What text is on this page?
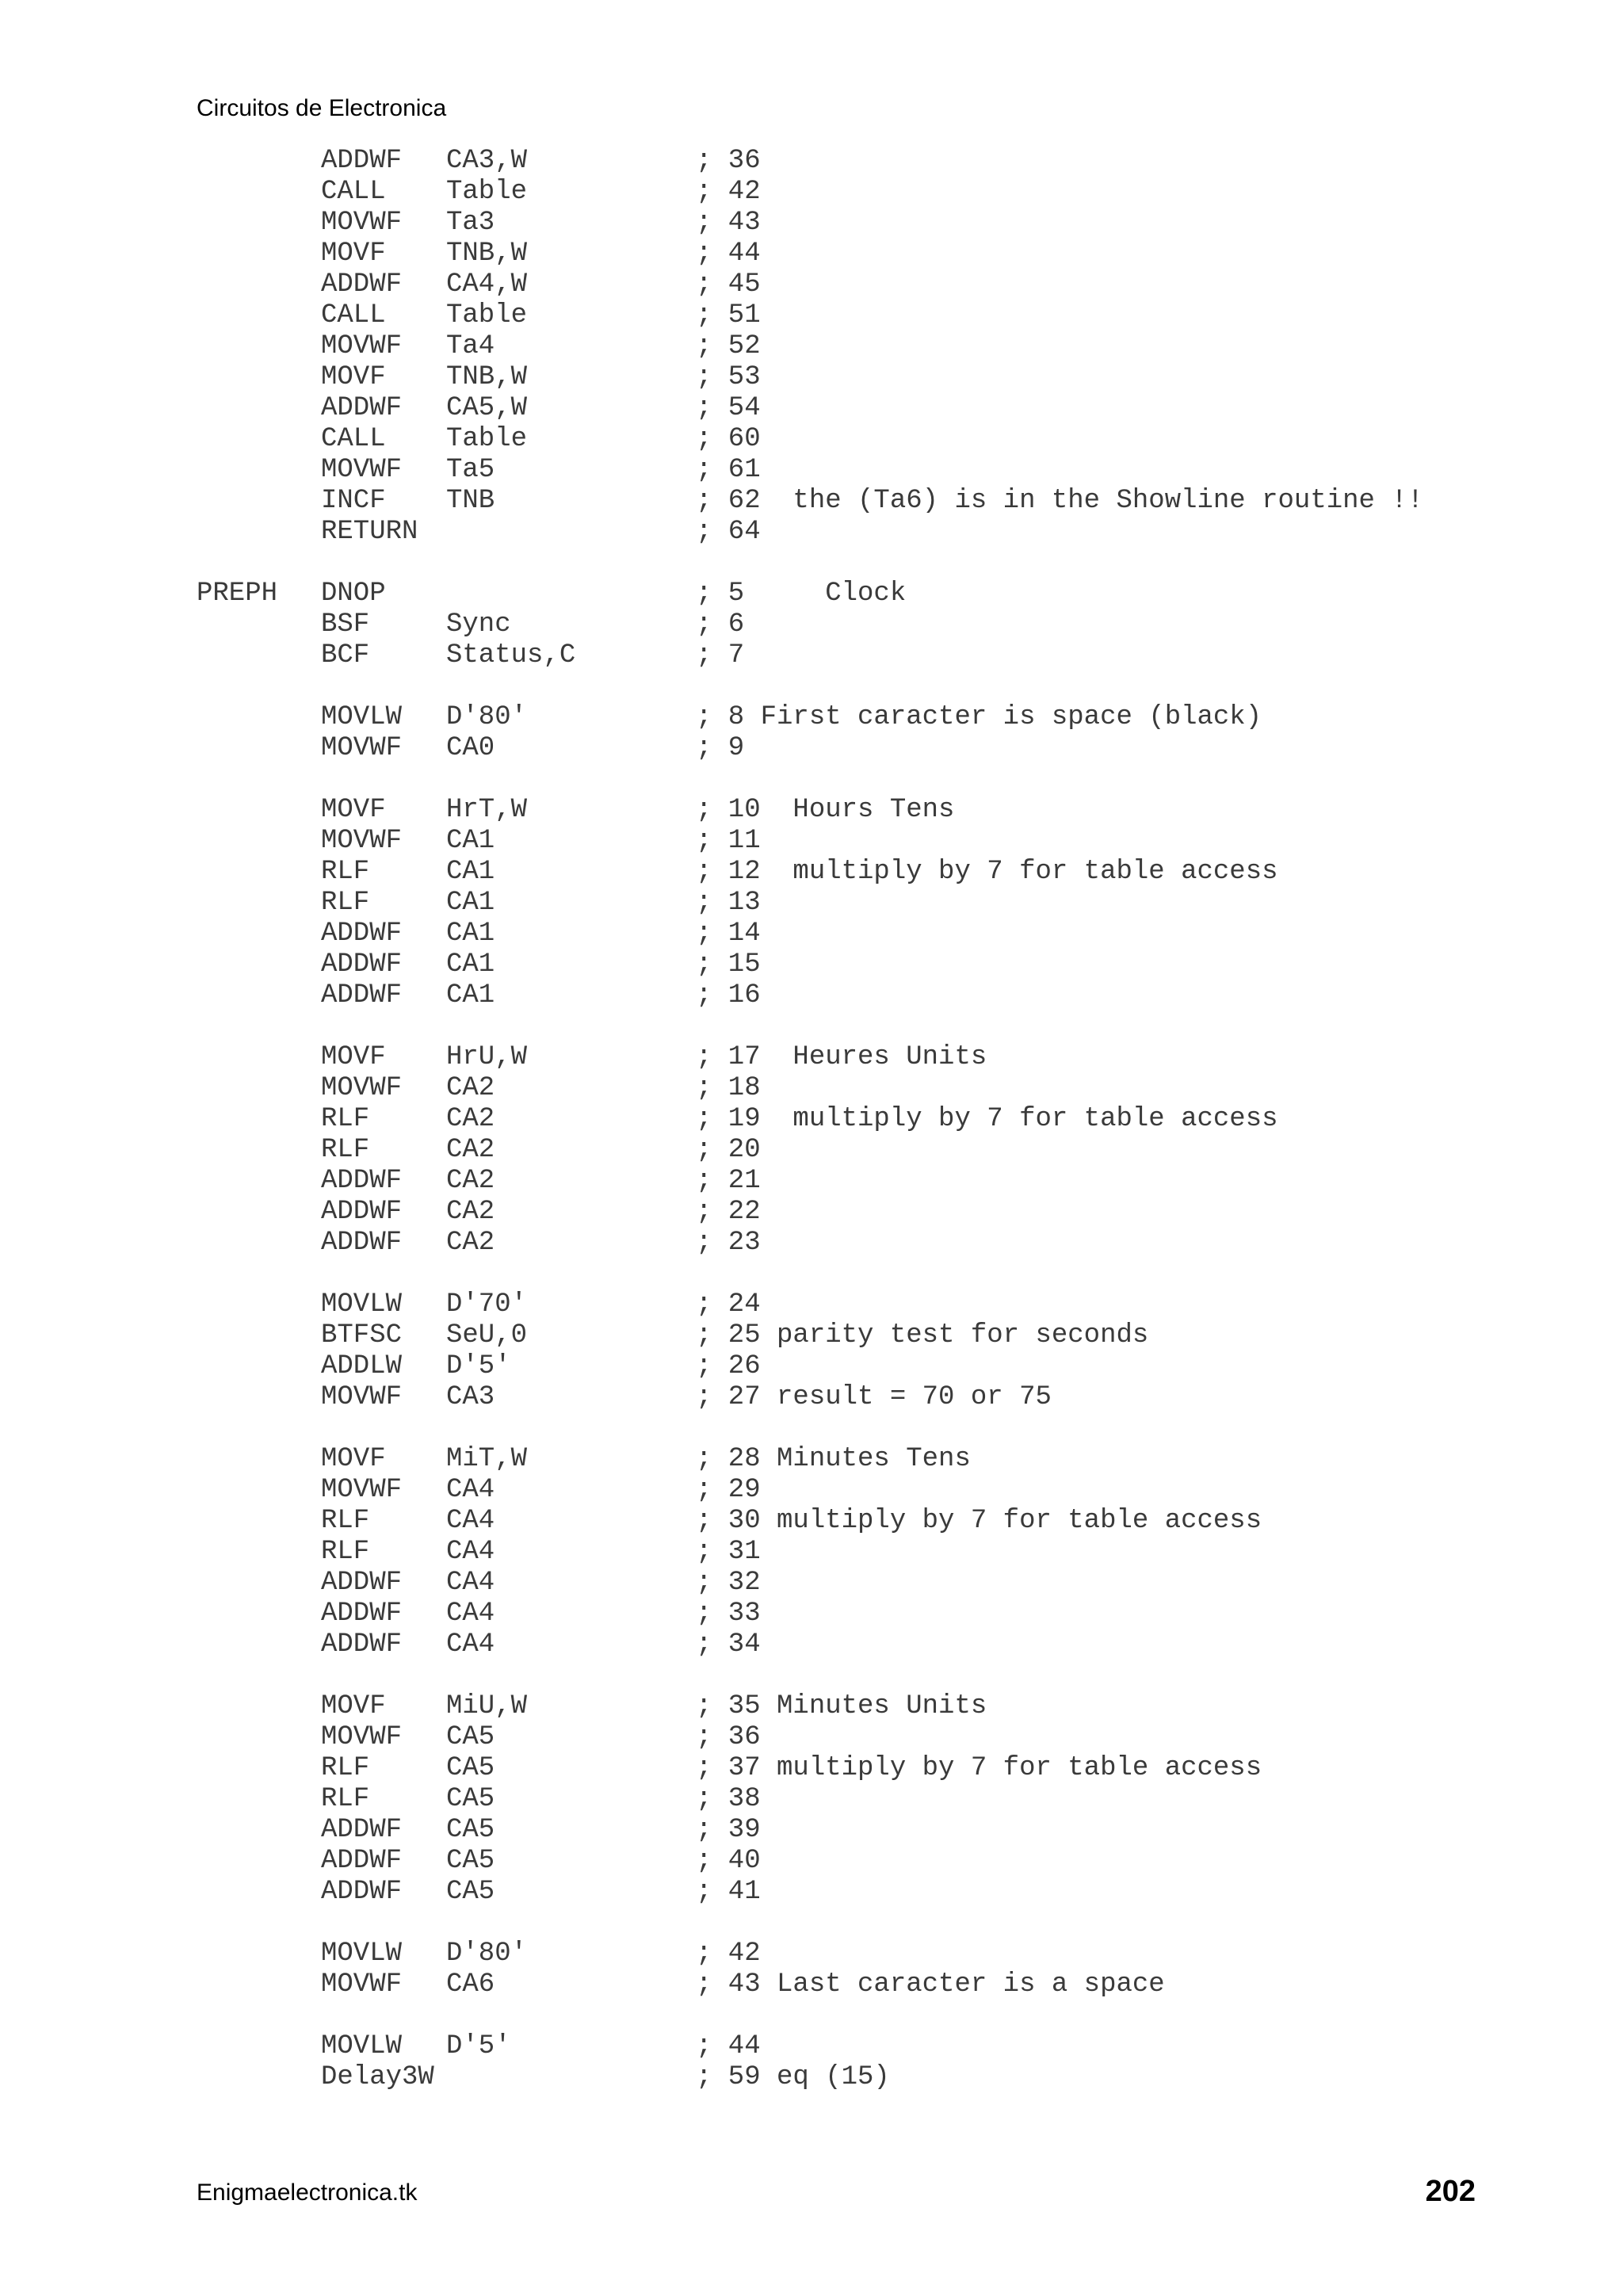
Circuitos de Electronica
ADDWF CA3,W	; 36
CALL Table	; 42
MOVWF Ta3	; 43
MOVF TNB,W	; 44
ADDWF CA4,W	; 45
CALL Table	; 51
MOVWF Ta4	; 52
MOVF TNB,W	; 53
ADDWF CA5,W	; 54
CALL Table	; 60
MOVWF Ta5	; 61
INCF TNB	; 62  the (Ta6) is in the Showline routine !!
RETURN	; 64
PREPH DNOP	; 5     Clock
BSF	Sync	; 6
BCF	Status,C	; 7
MOVLW D'80'	; 8 First caracter is space (black)
MOVWF CA0	; 9
MOVF HrT,W	; 10  Hours Tens
MOVWF CA1	; 11
RLF	CA1	; 12  multiply by 7 for table access
RLF	CA1	; 13
ADDWF CA1	; 14
ADDWF CA1	; 15
ADDWF CA1	; 16
MOVF HrU,W	; 17  Heures Units
MOVWF CA2	; 18
RLF	CA2	; 19  multiply by 7 for table access
RLF	CA2	; 20
ADDWF CA2	; 21
ADDWF CA2	; 22
ADDWF CA2	; 23
MOVLW D'70'	; 24
BTFSC SeU,0	; 25 parity test for seconds
ADDLW D'5'	; 26
MOVWF CA3	; 27 result = 70 or 75
MOVF MiT,W	; 28 Minutes Tens
MOVWF CA4	; 29
RLF	CA4	; 30 multiply by 7 for table access
RLF	CA4	; 31
ADDWF CA4	; 32
ADDWF CA4	; 33
ADDWF CA4	; 34
MOVF MiU,W	; 35 Minutes Units
MOVWF CA5	; 36
RLF	CA5	; 37 multiply by 7 for table access
RLF	CA5	; 38
ADDWF CA5	; 39
ADDWF CA5	; 40
ADDWF CA5	; 41
MOVLW D'80'	; 42
MOVWF CA6	; 43 Last caracter is a space
MOVLW D'5'	; 44
Delay3W	; 59 eq (15)
Enigmaelectronica.tk	202
